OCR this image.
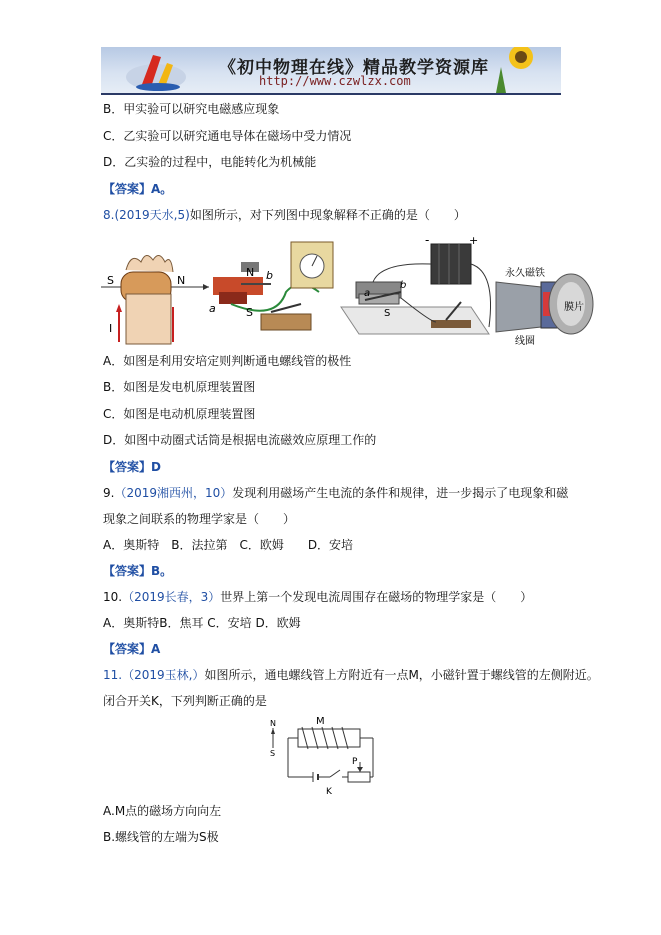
《初中物理在线》精品教学资源库
http://www.czwlzx.com
B．甲实验可以研究电磁感应现象
C．乙实验可以研究通电导体在磁场中受力情况
D．乙实验的过程中，电能转化为机械能
【答案】A。
8.(2019天水,5)如图所示，对下列图中现象解释不正确的是（　　）
S	N
I
N
S
a
b
-	+
a
b
S
永久磁铁
膜片
线圈
A．如图是利用安培定则判断通电螺线管的极性
B．如图是发电机原理装置图
C．如图是电动机原理装置图
D．如图中动圈式话筒是根据电流磁效应原理工作的
【答案】D
9.（2019湘西州，10）发现利用磁场产生电流的条件和规律，进一步揭示了电现象和磁
现象之间联系的物理学家是（　　）
A．奥斯特　B．法拉第　C．欧姆　　D．安培
【答案】B。
10.（2019长春，3）世界上第一个发现电流周围存在磁场的物理学家是（　　）
A．奥斯特B．焦耳 C．安培 D．欧姆
【答案】A
11.（2019玉林,）如图所示，通电螺线管上方附近有一点M，小磁针置于螺线管的左侧附近。
闭合开关K，下列判断正确的是
N
S
M
P
K
A.M点的磁场方向向左
B.螺线管的左端为S极
